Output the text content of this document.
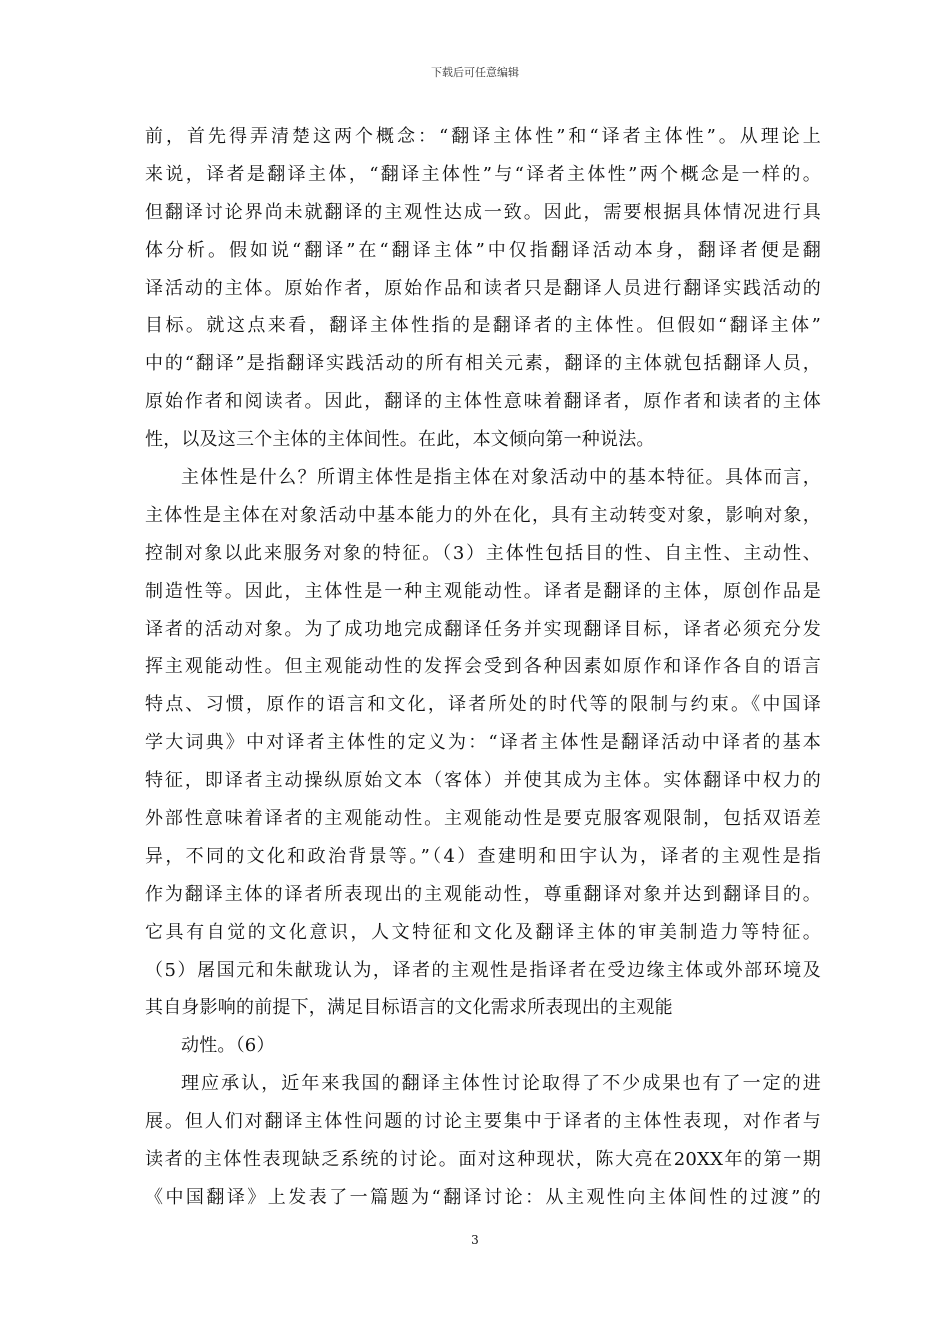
下载后可任意编辑
前，首先得弄清楚这两个概念：“翻译主体性”和“译者主体性”。从理论上
来说，译者是翻译主体，“翻译主体性”与“译者主体性”两个概念是一样的。
但翻译讨论界尚未就翻译的主观性达成一致。因此，需要根据具体情况进行具
体分析。假如说“翻译”在“翻译主体”中仅指翻译活动本身，翻译者便是翻
译活动的主体。原始作者，原始作品和读者只是翻译人员进行翻译实践活动的
目标。就这点来看，翻译主体性指的是翻译者的主体性。但假如“翻译主体”
中的“翻译”是指翻译实践活动的所有相关元素，翻译的主体就包括翻译人员，
原始作者和阅读者。因此，翻译的主体性意味着翻译者，原作者和读者的主体
性，以及这三个主体的主体间性。在此，本文倾向第一种说法。
主体性是什么？所谓主体性是指主体在对象活动中的基本特征。具体而言，
主体性是主体在对象活动中基本能力的外在化，具有主动转变对象，影响对象，
控制对象以此来服务对象的特征。（3）主体性包括目的性、自主性、主动性、
制造性等。因此，主体性是一种主观能动性。译者是翻译的主体，原创作品是
译者的活动对象。为了成功地完成翻译任务并实现翻译目标，译者必须充分发
挥主观能动性。但主观能动性的发挥会受到各种因素如原作和译作各自的语言
特点、习惯，原作的语言和文化，译者所处的时代等的限制与约束。《中国译
学大词典》中对译者主体性的定义为：“译者主体性是翻译活动中译者的基本
特征，即译者主动操纵原始文本（客体）并使其成为主体。实体翻译中权力的
外部性意味着译者的主观能动性。主观能动性是要克服客观限制，包括双语差
异，不同的文化和政治背景等。”（4）查建明和田宇认为，译者的主观性是指
作为翻译主体的译者所表现出的主观能动性，尊重翻译对象并达到翻译目的。
它具有自觉的文化意识，人文特征和文化及翻译主体的审美制造力等特征。
（5）屠国元和朱献珑认为，译者的主观性是指译者在受边缘主体或外部环境及
其自身影响的前提下，满足目标语言的文化需求所表现出的主观能
动性。（6）
理应承认，近年来我国的翻译主体性讨论取得了不少成果也有了一定的进
展。但人们对翻译主体性问题的讨论主要集中于译者的主体性表现，对作者与
读者的主体性表现缺乏系统的讨论。面对这种现状，陈大亮在20XX年的第一期
《中国翻译》上发表了一篇题为“翻译讨论：从主观性向主体间性的过渡”的
3
